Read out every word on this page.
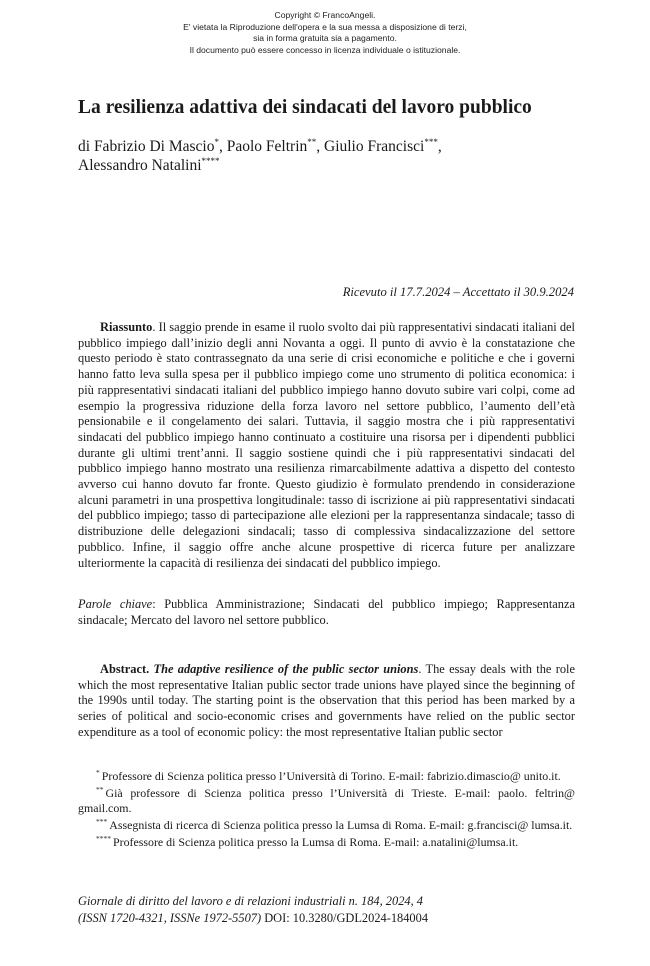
Copyright © FrancoAngeli.
E' vietata la Riproduzione dell'opera e la sua messa a disposizione di terzi,
sia in forma gratuita sia a pagamento.
Il documento può essere concesso in licenza individuale o istituzionale.
La resilienza adattiva dei sindacati del lavoro pubblico
di Fabrizio Di Mascio*, Paolo Feltrin**, Giulio Francisci***,
Alessandro Natalini****
Ricevuto il 17.7.2024 – Accettato il 30.9.2024

Riassunto. Il saggio prende in esame il ruolo svolto dai più rappresentativi sindacati italiani del pubblico impiego dall’inizio degli anni Novanta a oggi. Il punto di avvio è la constatazione che questo periodo è stato contrassegnato da una serie di crisi economiche e politiche e che i governi hanno fatto leva sulla spesa per il pubblico impiego come uno strumento di politica economica: i più rappresentativi sindacati italiani del pubblico impiego hanno dovuto subire vari colpi, come ad esempio la progressiva riduzione della forza lavoro nel settore pubblico, l’aumento dell’età pensionabile e il congelamento dei salari. Tuttavia, il saggio mostra che i più rappresentativi sindacati del pubblico impiego hanno continuato a costituire una risorsa per i dipendenti pubblici durante gli ultimi trent’anni. Il saggio sostiene quindi che i più rappresentativi sindacati del pubblico impiego hanno mostrato una resilienza rimarcabilmente adattiva a dispetto del contesto avverso cui hanno dovuto far fronte. Questo giudizio è formulato prendendo in considerazione alcuni parametri in una prospettiva longitudinale: tasso di iscrizione ai più rappresentativi sindacati del pubblico impiego; tasso di partecipazione alle elezioni per la rappresentanza sindacale; tasso di distribuzione delle delegazioni sindacali; tasso di complessiva sindacalizzazione del settore pubblico. Infine, il saggio offre anche alcune prospettive di ricerca future per analizzare ulteriormente la capacità di resilienza dei sindacati del pubblico impiego.

Parole chiave: Pubblica Amministrazione; Sindacati del pubblico impiego; Rappresentanza sindacale; Mercato del lavoro nel settore pubblico.

Abstract. The adaptive resilience of the public sector unions. The essay deals with the role which the most representative Italian public sector trade unions have played since the beginning of the 1990s until today. The starting point is the observation that this period has been marked by a series of political and socio-economic crises and governments have relied on the public sector expenditure as a tool of economic policy: the most representative Italian public sector

* Professore di Scienza politica presso l’Università di Torino. E-mail: fabrizio.dimascio@ unito.it.

** Già professore di Scienza politica presso l’Università di Trieste. E-mail: paolo. feltrin@ gmail.com.

*** Assegnista di ricerca di Scienza politica presso la Lumsa di Roma. E-mail: g.francisci@ lumsa.it.

**** Professore di Scienza politica presso la Lumsa di Roma. E-mail: a.natalini@lumsa.it.

Giornale di diritto del lavoro e di relazioni industriali n. 184, 2024, 4
(ISSN 1720-4321, ISSNe 1972-5507) DOI: 10.3280/GDL2024-184004
